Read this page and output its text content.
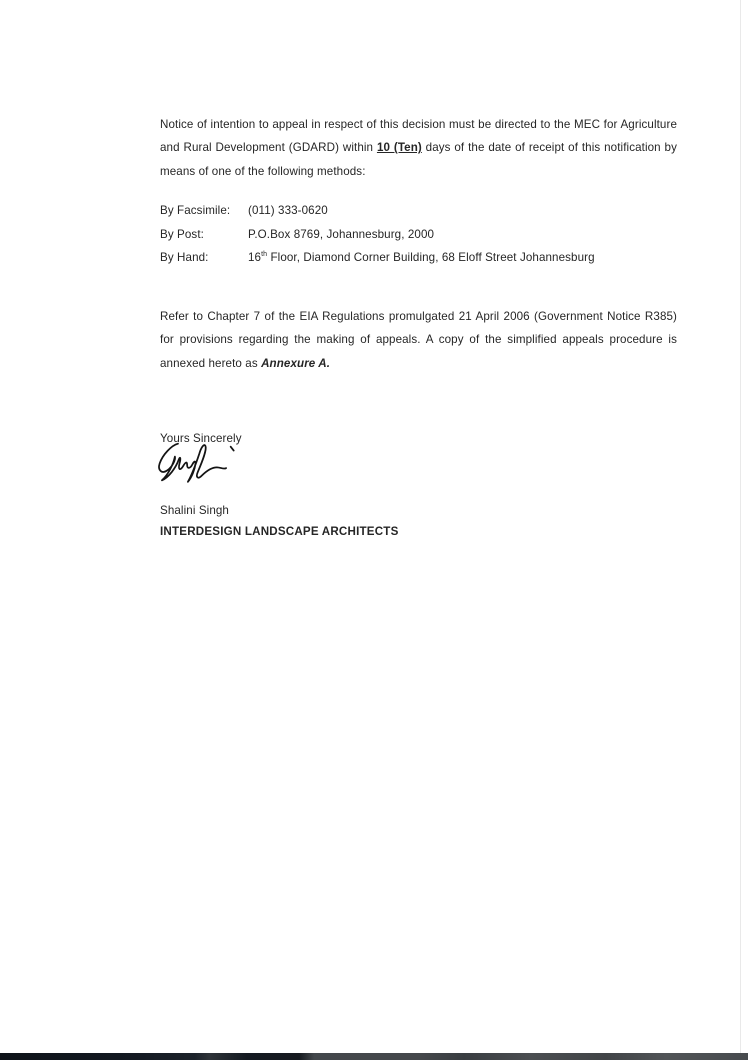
Notice of intention to appeal in respect of this decision must be directed to the MEC for Agriculture and Rural Development (GDARD) within 10 (Ten) days of the date of receipt of this notification by means of one of the following methods:

By Facsimile:	(011) 333-0620
By Post:	P.O.Box 8769, Johannesburg, 2000
By Hand:	16th Floor, Diamond Corner Building, 68 Eloff Street Johannesburg

Refer to Chapter 7 of the EIA Regulations promulgated 21 April 2006 (Government Notice R385) for provisions regarding the making of appeals. A copy of the simplified appeals procedure is annexed hereto as Annexure A.

Yours Sincerely

Shalini Singh

INTERDESIGN LANDSCAPE ARCHITECTS
